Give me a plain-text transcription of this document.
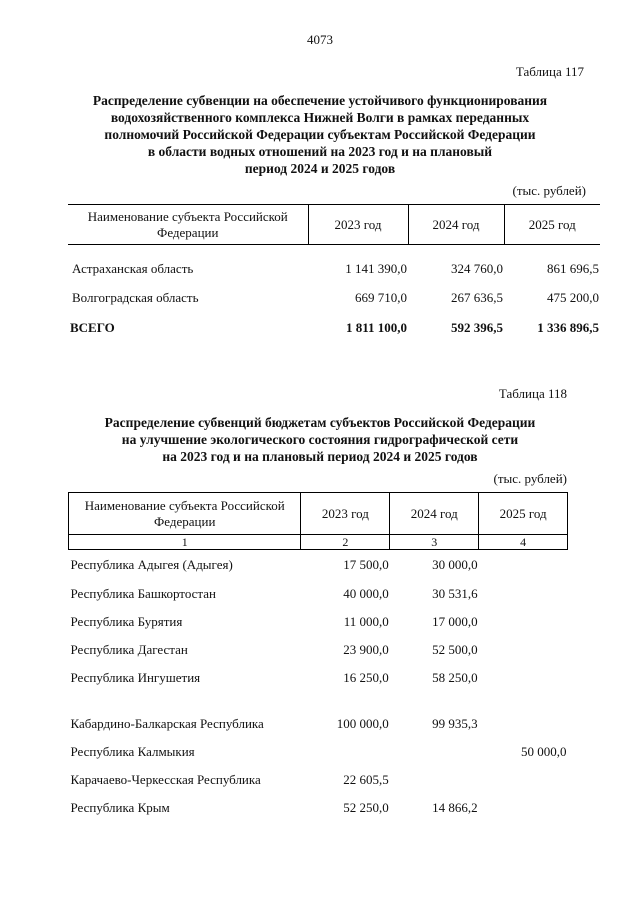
4073
Таблица 117
Распределение субвенции на обеспечение устойчивого функционирования
водохозяйственного комплекса Нижней Волги в рамках переданных
полномочий Российской Федерации субъектам Российской Федерации
в области водных отношений на 2023 год и на плановый
период 2024 и 2025 годов
(тыс. рублей)
Наименование субъекта Российской Федерации	2023 год	2024 год	2025 год

Астраханская область	1 141 390,0	324 760,0	861 696,5
Волгоградская область	669 710,0	267 636,5	475 200,0
ВСЕГО	1 811 100,0	592 396,5	1 336 896,5
Таблица 118
Распределение субвенций бюджетам субъектов Российской Федерации
на улучшение экологического состояния гидрографической сети
на 2023 год и на плановый период 2024 и 2025 годов
(тыс. рублей)
Наименование субъекта Российской Федерации	2023 год	2024 год	2025 год
1	2	3	4
Республика Адыгея (Адыгея)	17 500,0	30 000,0	
Республика Башкортостан	40 000,0	30 531,6	
Республика Бурятия	11 000,0	17 000,0	
Республика Дагестан	23 900,0	52 500,0	
Республика Ингушетия	16 250,0	58 250,0	
Кабардино-Балкарская Республика	100 000,0	99 935,3	
Республика Калмыкия			50 000,0
Карачаево-Черкесская Республика	22 605,5		
Республика Крым	52 250,0	14 866,2	
